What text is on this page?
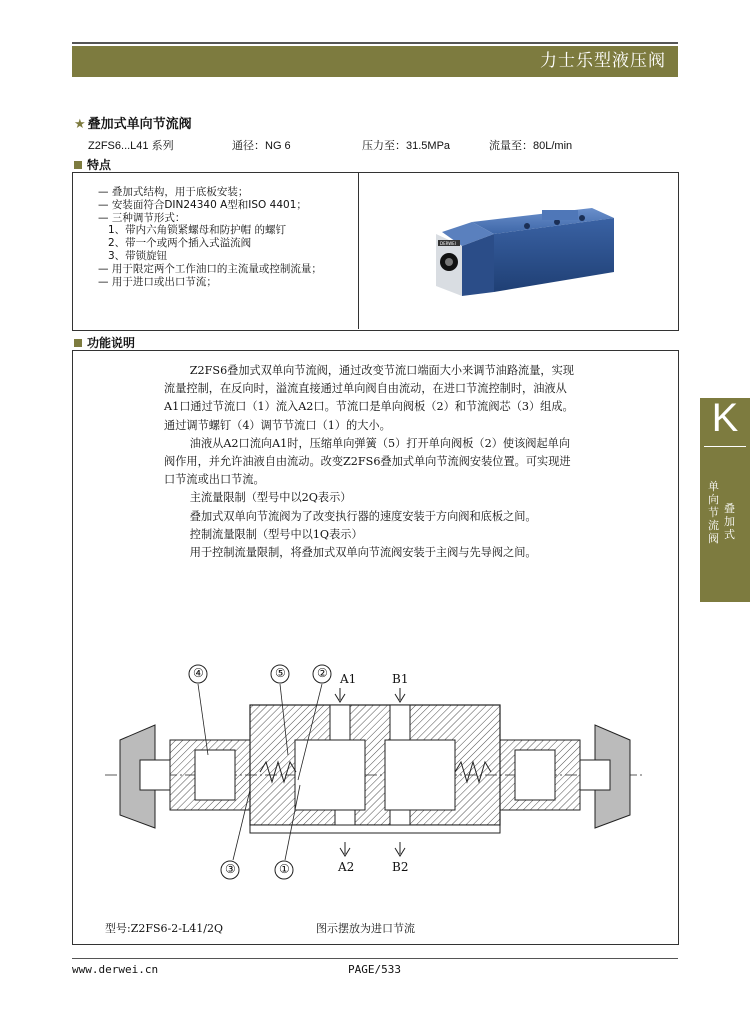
力士乐型液压阀
★ 叠加式单向节流阀
Z2FS6...L41 系列	通径：NG 6	压力至：31.5MPa	流量至：80L/min
特点
— 叠加式结构，用于底板安装；
— 安装面符合DIN24340 A型和ISO 4401；
— 三种调节形式：
1、带内六角锁紧螺母和防护帽 的螺钉
2、带一个或两个插入式溢流阀
3、带锁旋钮
— 用于限定两个工作油口的主流量或控制流量；
— 用于进口或出口节流；
DERWEI
功能说明

Z2FS6叠加式双单向节流阀，通过改变节流口端面大小来调节油路流量，实现流量控制，在反向时，溢流直接通过单向阀自由流动，在进口节流控制时，油液从A1口通过节流口（1）流入A2口。节流口是单向阀板（2）和节流阀芯（3）组成。通过调节螺钉（4）调节节流口（1）的大小。

油液从A2口流向A1时，压缩单向弹簧（5）打开单向阀板（2）使该阀起单向阀作用，并允许油液自由流动。改变Z2FS6叠加式单向节流阀安装位置。可实现进口节流或出口节流。

主流量限制（型号中以2Q表示）

叠加式双单向节流阀为了改变执行器的速度安装于方向阀和底板之间。

控制流量限制（型号中以1Q表示）

用于控制流量限制，将叠加式双单向节流阀安装于主阀与先导阀之间。

④	⑤	②
③	①
A1	B1
A2	B2
型号:Z2FS6-2-L41/2Q	图示摆放为进口节流
www.derwei.cn	PAGE/533
K
单向节流阀
叠加式
